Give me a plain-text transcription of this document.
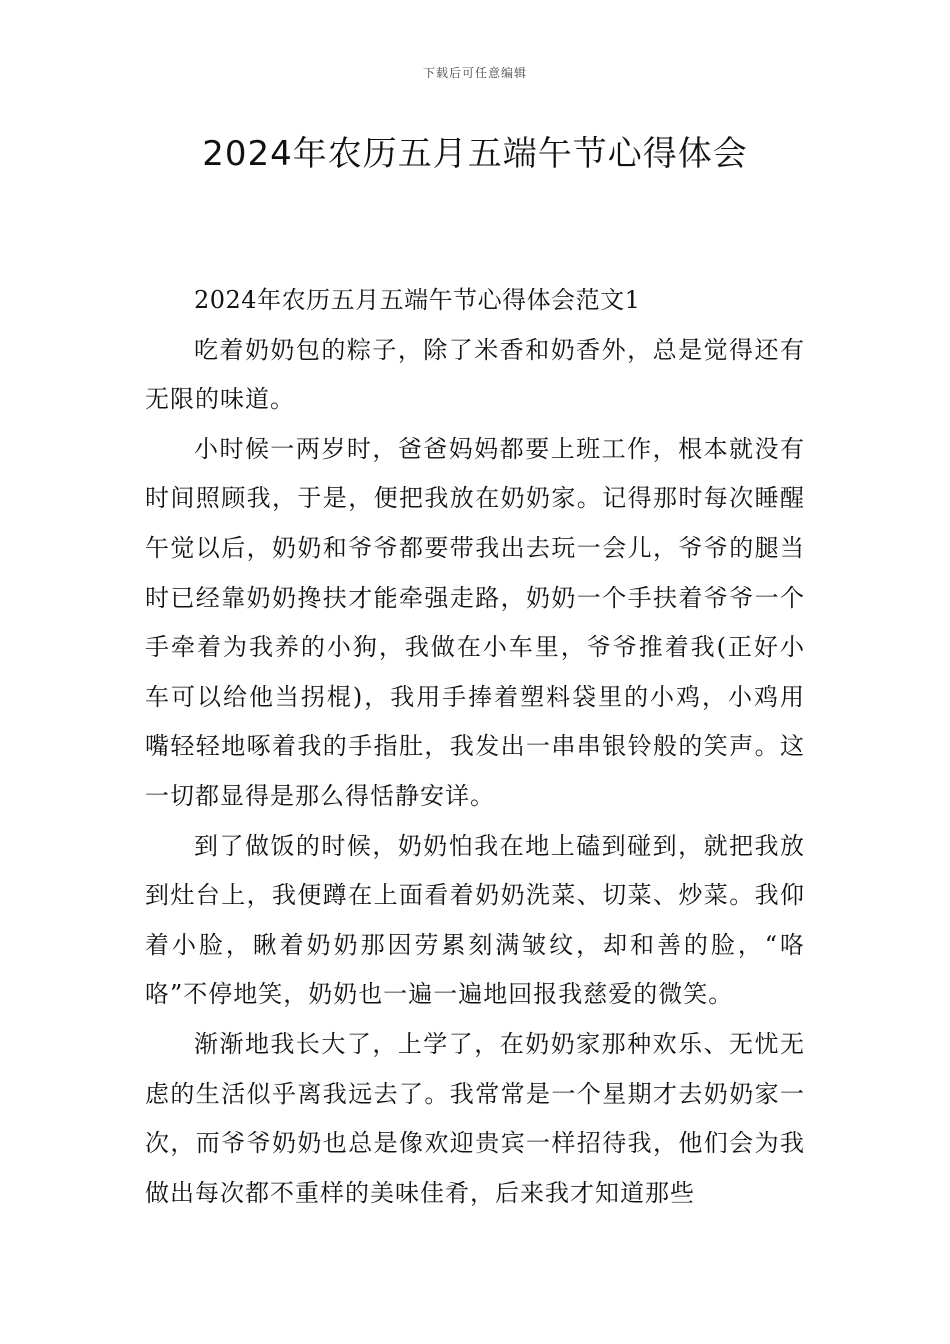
下载后可任意编辑
2024年农历五月五端午节心得体会

2024年农历五月五端午节心得体会范文1

吃着奶奶包的粽子，除了米香和奶香外，总是觉得还有无限的味道。

小时候一两岁时，爸爸妈妈都要上班工作，根本就没有时间照顾我，于是，便把我放在奶奶家。记得那时每次睡醒午觉以后，奶奶和爷爷都要带我出去玩一会儿，爷爷的腿当时已经靠奶奶搀扶才能牵强走路，奶奶一个手扶着爷爷一个手牵着为我养的小狗，我做在小车里，爷爷推着我(正好小车可以给他当拐棍)，我用手捧着塑料袋里的小鸡，小鸡用嘴轻轻地啄着我的手指肚，我发出一串串银铃般的笑声。这一切都显得是那么得恬静安详。

到了做饭的时候，奶奶怕我在地上磕到碰到，就把我放到灶台上，我便蹲在上面看着奶奶洗菜、切菜、炒菜。我仰着小脸，瞅着奶奶那因劳累刻满皱纹，却和善的脸，“咯咯”不停地笑，奶奶也一遍一遍地回报我慈爱的微笑。

渐渐地我长大了，上学了，在奶奶家那种欢乐、无忧无虑的生活似乎离我远去了。我常常是一个星期才去奶奶家一次，而爷爷奶奶也总是像欢迎贵宾一样招待我，他们会为我做出每次都不重样的美味佳肴，后来我才知道那些
